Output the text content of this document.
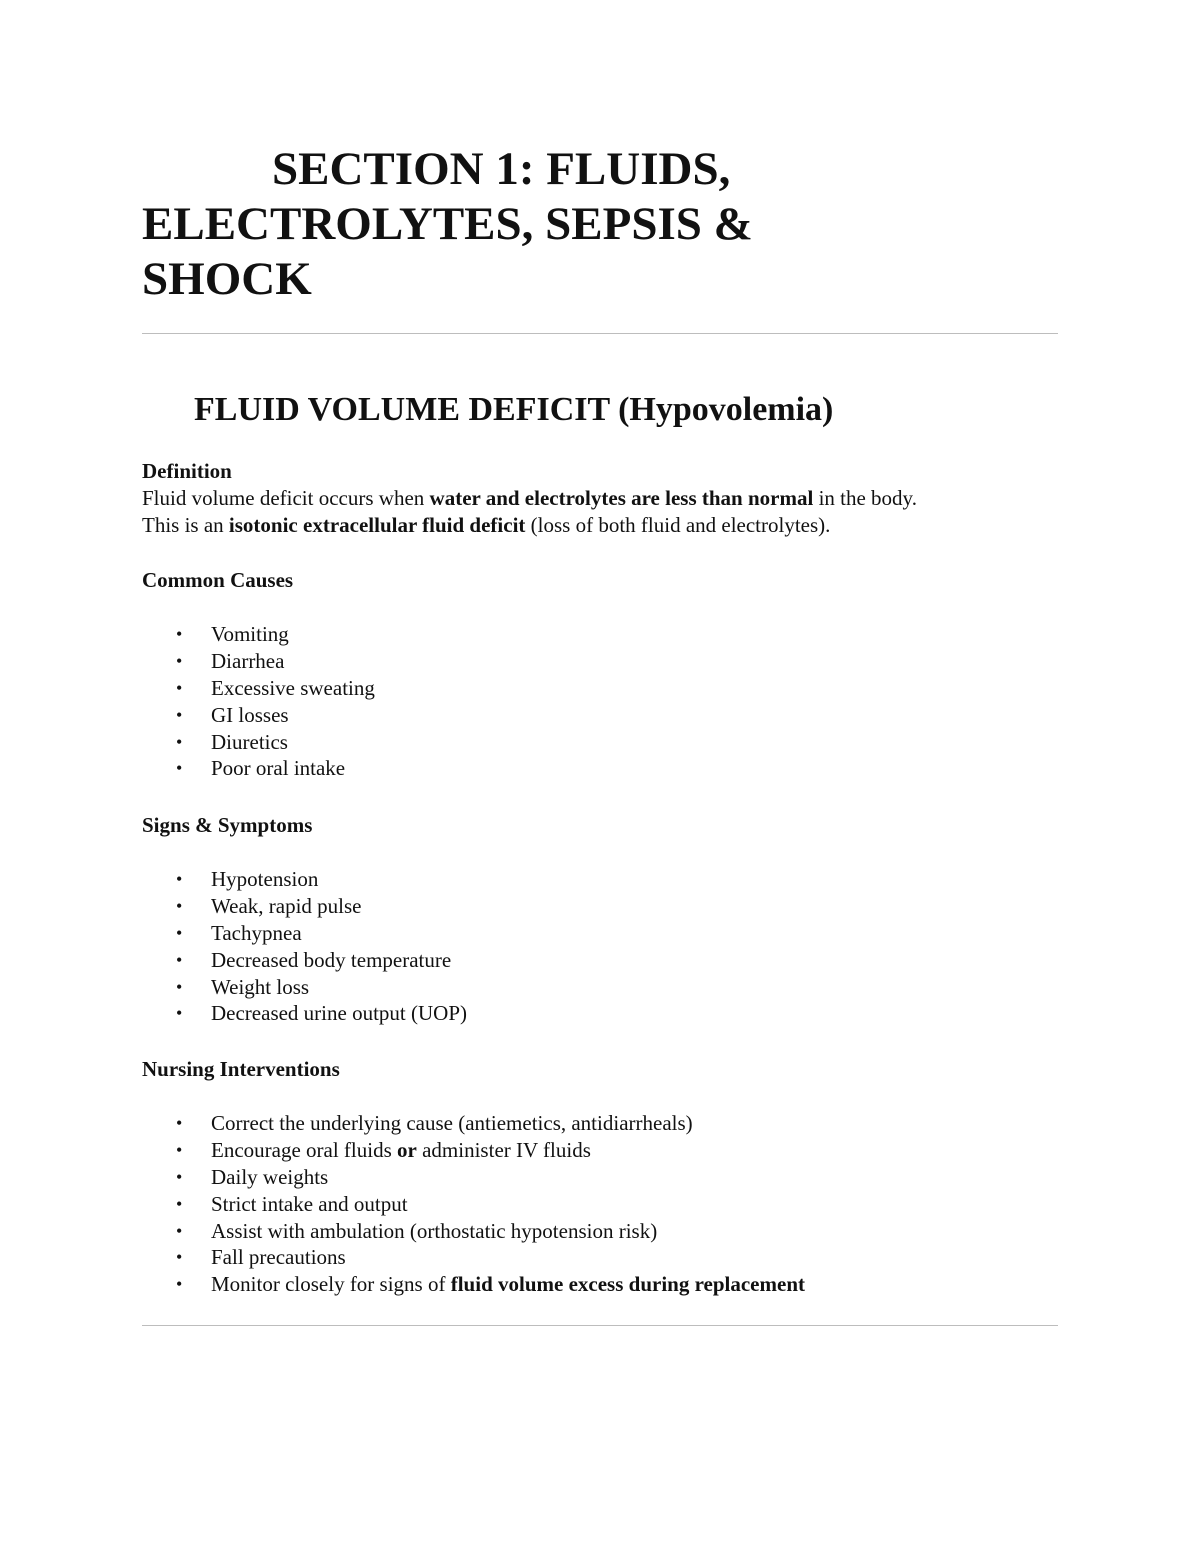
SECTION 1: FLUIDS, ELECTROLYTES, SEPSIS & SHOCK
FLUID VOLUME DEFICIT (Hypovolemia)

Definition

Fluid volume deficit occurs when water and electrolytes are less than normal in the body.

This is an isotonic extracellular fluid deficit (loss of both fluid and electrolytes).

Common Causes

• Vomiting
• Diarrhea
• Excessive sweating
• GI losses
• Diuretics
• Poor oral intake

Signs & Symptoms

• Hypotension
• Weak, rapid pulse
• Tachypnea
• Decreased body temperature
• Weight loss
• Decreased urine output (UOP)

Nursing Interventions

• Correct the underlying cause (antiemetics, antidiarrheals)
• Encourage oral fluids or administer IV fluids
• Daily weights
• Strict intake and output
• Assist with ambulation (orthostatic hypotension risk)
• Fall precautions
• Monitor closely for signs of fluid volume excess during replacement
